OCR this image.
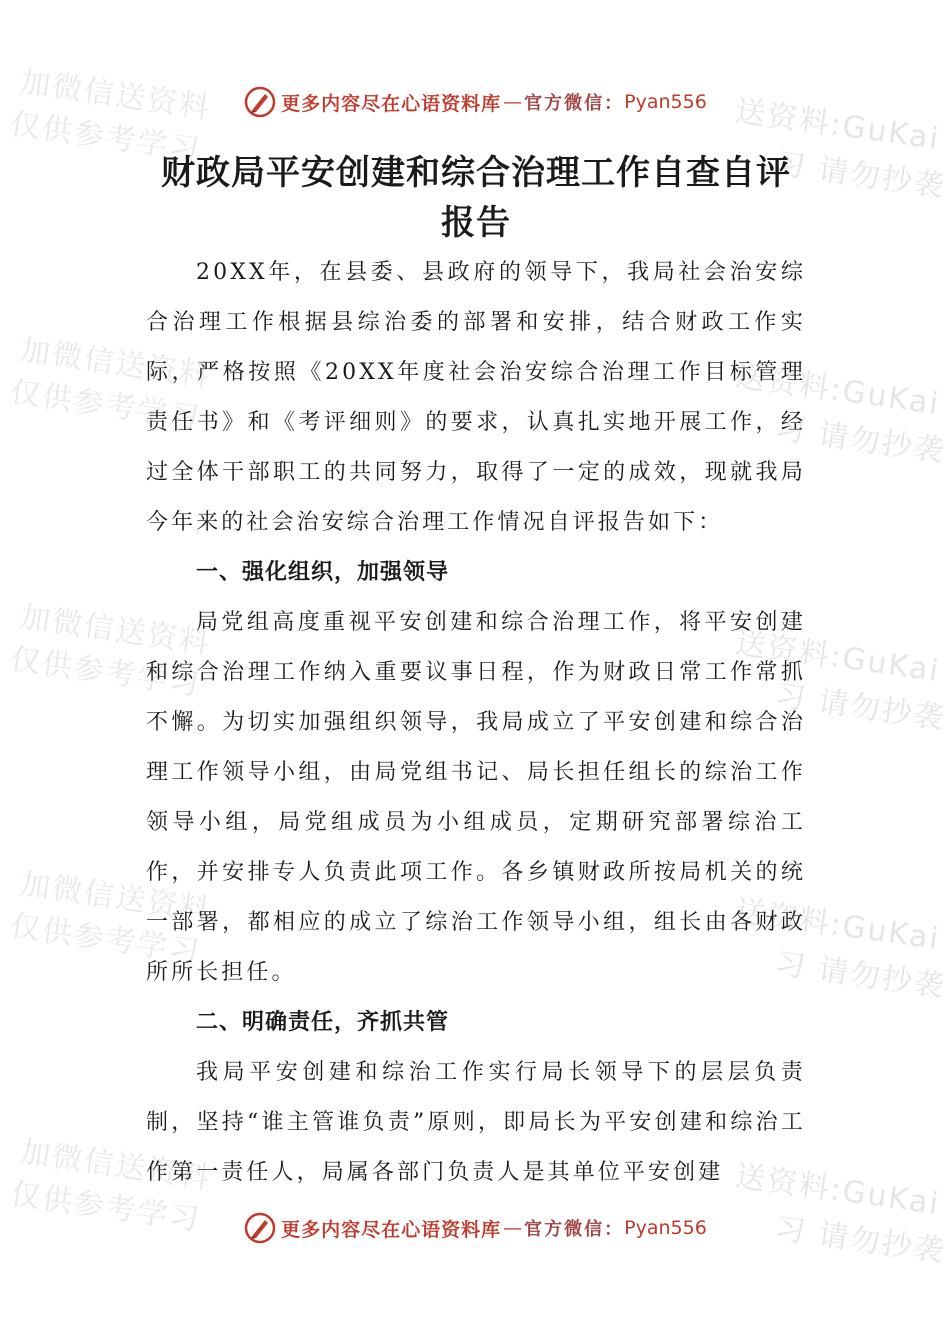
加微信送资料
仅供参考学习
加微信送资料
仅供参考学习
加微信送资料
仅供参考学习
加微信送资料
仅供参考学习
加微信送资料
仅供参考学习
送资料:GuKai
习 请勿抄袭
送资料:GuKai
习 请勿抄袭
送资料:GuKai
习 请勿抄袭
送资料:GuKai
习 请勿抄袭
送资料:GuKai
习 请勿抄袭
更多内容尽在心语资料库 — 官方微信： Pyan556
财政局平安创建和综合治理工作自查自评
报告

20XX年，在县委、县政府的领导下，我局社会治安综合治理工作根据县综治委的部署和安排，结合财政工作实际，严格按照《20XX年度社会治安综合治理工作目标管理责任书》和《考评细则》的要求，认真扎实地开展工作，经过全体干部职工的共同努力，取得了一定的成效，现就我局今年来的社会治安综合治理工作情况自评报告如下：

一、强化组织，加强领导

局党组高度重视平安创建和综合治理工作，将平安创建和综合治理工作纳入重要议事日程，作为财政日常工作常抓不懈。为切实加强组织领导，我局成立了平安创建和综合治理工作领导小组，由局党组书记、局长担任组长的综治工作领导小组，局党组成员为小组成员，定期研究部署综治工作，并安排专人负责此项工作。各乡镇财政所按局机关的统一部署，都相应的成立了综治工作领导小组，组长由各财政所所长担任。

二、明确责任，齐抓共管

我局平安创建和综治工作实行局长领导下的层层负责制，坚持“谁主管谁负责”原则，即局长为平安创建和综治工作第一责任人，局属各部门负责人是其单位平安创建

更多内容尽在心语资料库 — 官方微信： Pyan556
